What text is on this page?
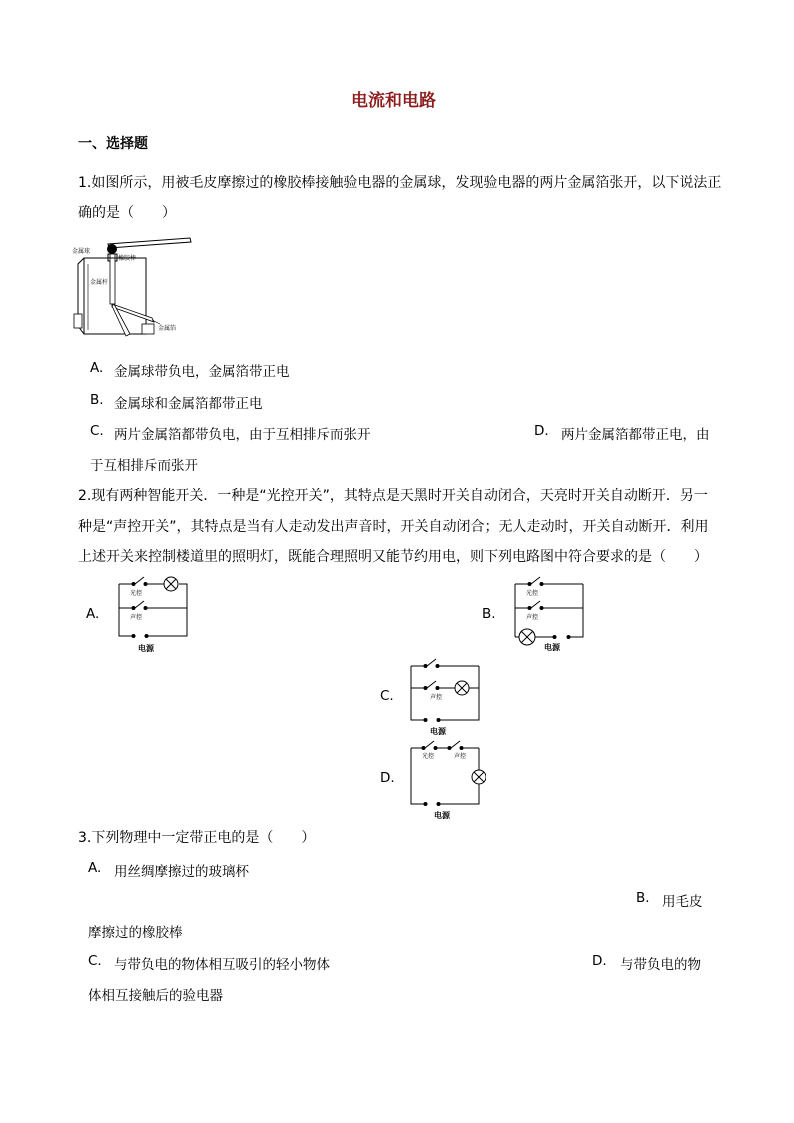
电流和电路
一、选择题
1.如图所示，用被毛皮摩擦过的橡胶棒接触验电器的金属球，发现验电器的两片金属箔张开，以下说法正
确的是（　　）
金属球
橡胶棒
金属杆
金属箔
A. 金属球带负电，金属箔带正电
B. 金属球和金属箔都带正电
C. 两片金属箔都带负电，由于互相排斥而张开	D. 两片金属箔都带正电，由
于互相排斥而张开
2.现有两种智能开关．一种是“光控开关”，其特点是天黑时开关自动闭合，天亮时开关自动断开．另一
种是“声控开关”，其特点是当有人走动发出声音时，开关自动闭合；无人走动时，开关自动断开．利用
上述开关来控制楼道里的照明灯，既能合理照明又能节约用电，则下列电路图中符合要求的是（　　）
A.
光控
声控
电源
B.
光控
声控
电源
C.	声控
电源
D.
光控	声控
电源
3.下列物理中一定带正电的是（　　）
A. 用丝绸摩擦过的玻璃杯
B. 用毛皮
摩擦过的橡胶棒
C. 与带负电的物体相互吸引的轻小物体	D. 与带负电的物
体相互接触后的验电器
